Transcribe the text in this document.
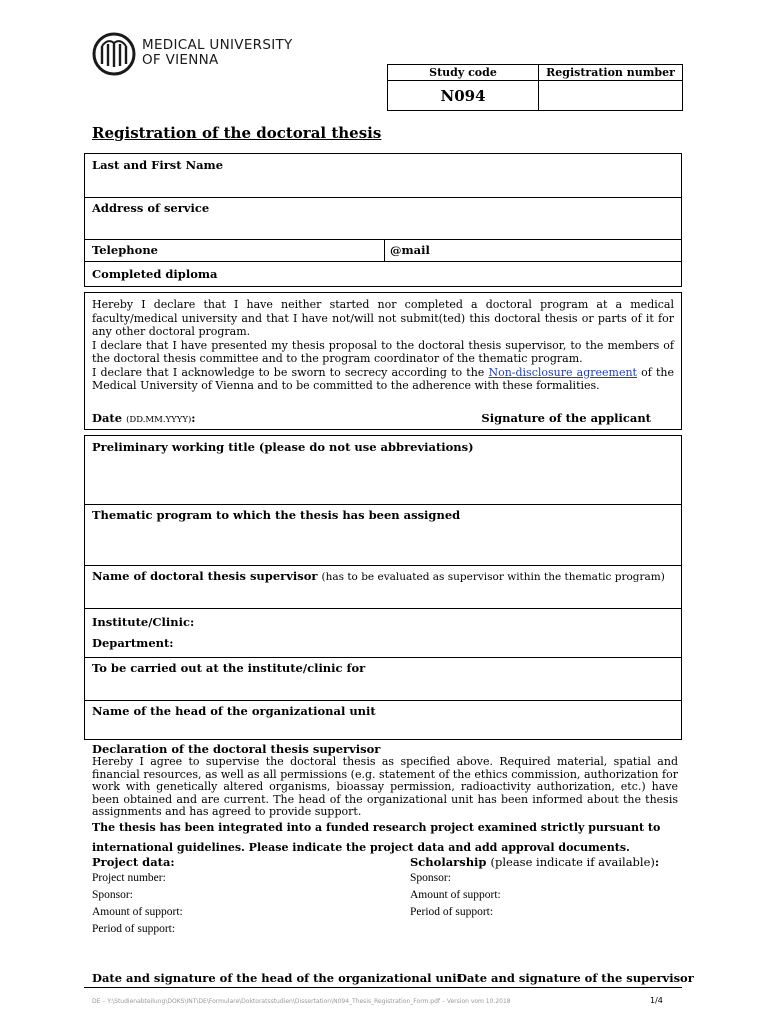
MEDICAL UNIVERSITY
OF VIENNA
Study code	Registration number
N094	
Registration of the doctoral thesis
Last and First Name
Address of service
Telephone	@mail
Completed diploma
Hereby I declare that I have neither started nor completed a doctoral program at a medical faculty/medical university and that I have not/will not submit(ted) this doctoral thesis or parts of it for any other doctoral program.
I declare that I have presented my thesis proposal to the doctoral thesis supervisor, to the members of the doctoral thesis committee and to the program coordinator of the thematic program.
I declare that I acknowledge to be sworn to secrecy according to the Non-disclosure agreement of the Medical University of Vienna and to be committed to the adherence with these formalities.
Date (DD.MM.YYYY):	Signature of the applicant
Preliminary working title (please do not use abbreviations)
Thematic program to which the thesis has been assigned
Name of doctoral thesis supervisor (has to be evaluated as supervisor within the thematic program)
Institute/Clinic:
Department:
To be carried out at the institute/clinic for
Name of the head of the organizational unit
Declaration of the doctoral thesis supervisor
Hereby I agree to supervise the doctoral thesis as specified above. Required material, spatial and financial resources, as well as all permissions (e.g. statement of the ethics commission, authorization for work with genetically altered organisms, bioassay permission, radioactivity authorization, etc.) have been obtained and are current. The head of the organizational unit has been informed about the thesis assignments and has agreed to provide support.
The thesis has been integrated into a funded research project examined strictly pursuant to
international guidelines. Please indicate the project data and add approval documents.
Project data:	Scholarship (please indicate if available):
Project number:
Sponsor:
Amount of support:
Period of support:
Sponsor:
Amount of support:
Period of support:
Date and signature of the head of the organizational unit
Date and signature of the supervisor
DE – Y:\Studienabteilung\DOKS\INT\DE\Formulare\Doktoratsstudien\Dissertation\N094_Thesis_Registration_Form.pdf – Version vom 10.2018	1/4
